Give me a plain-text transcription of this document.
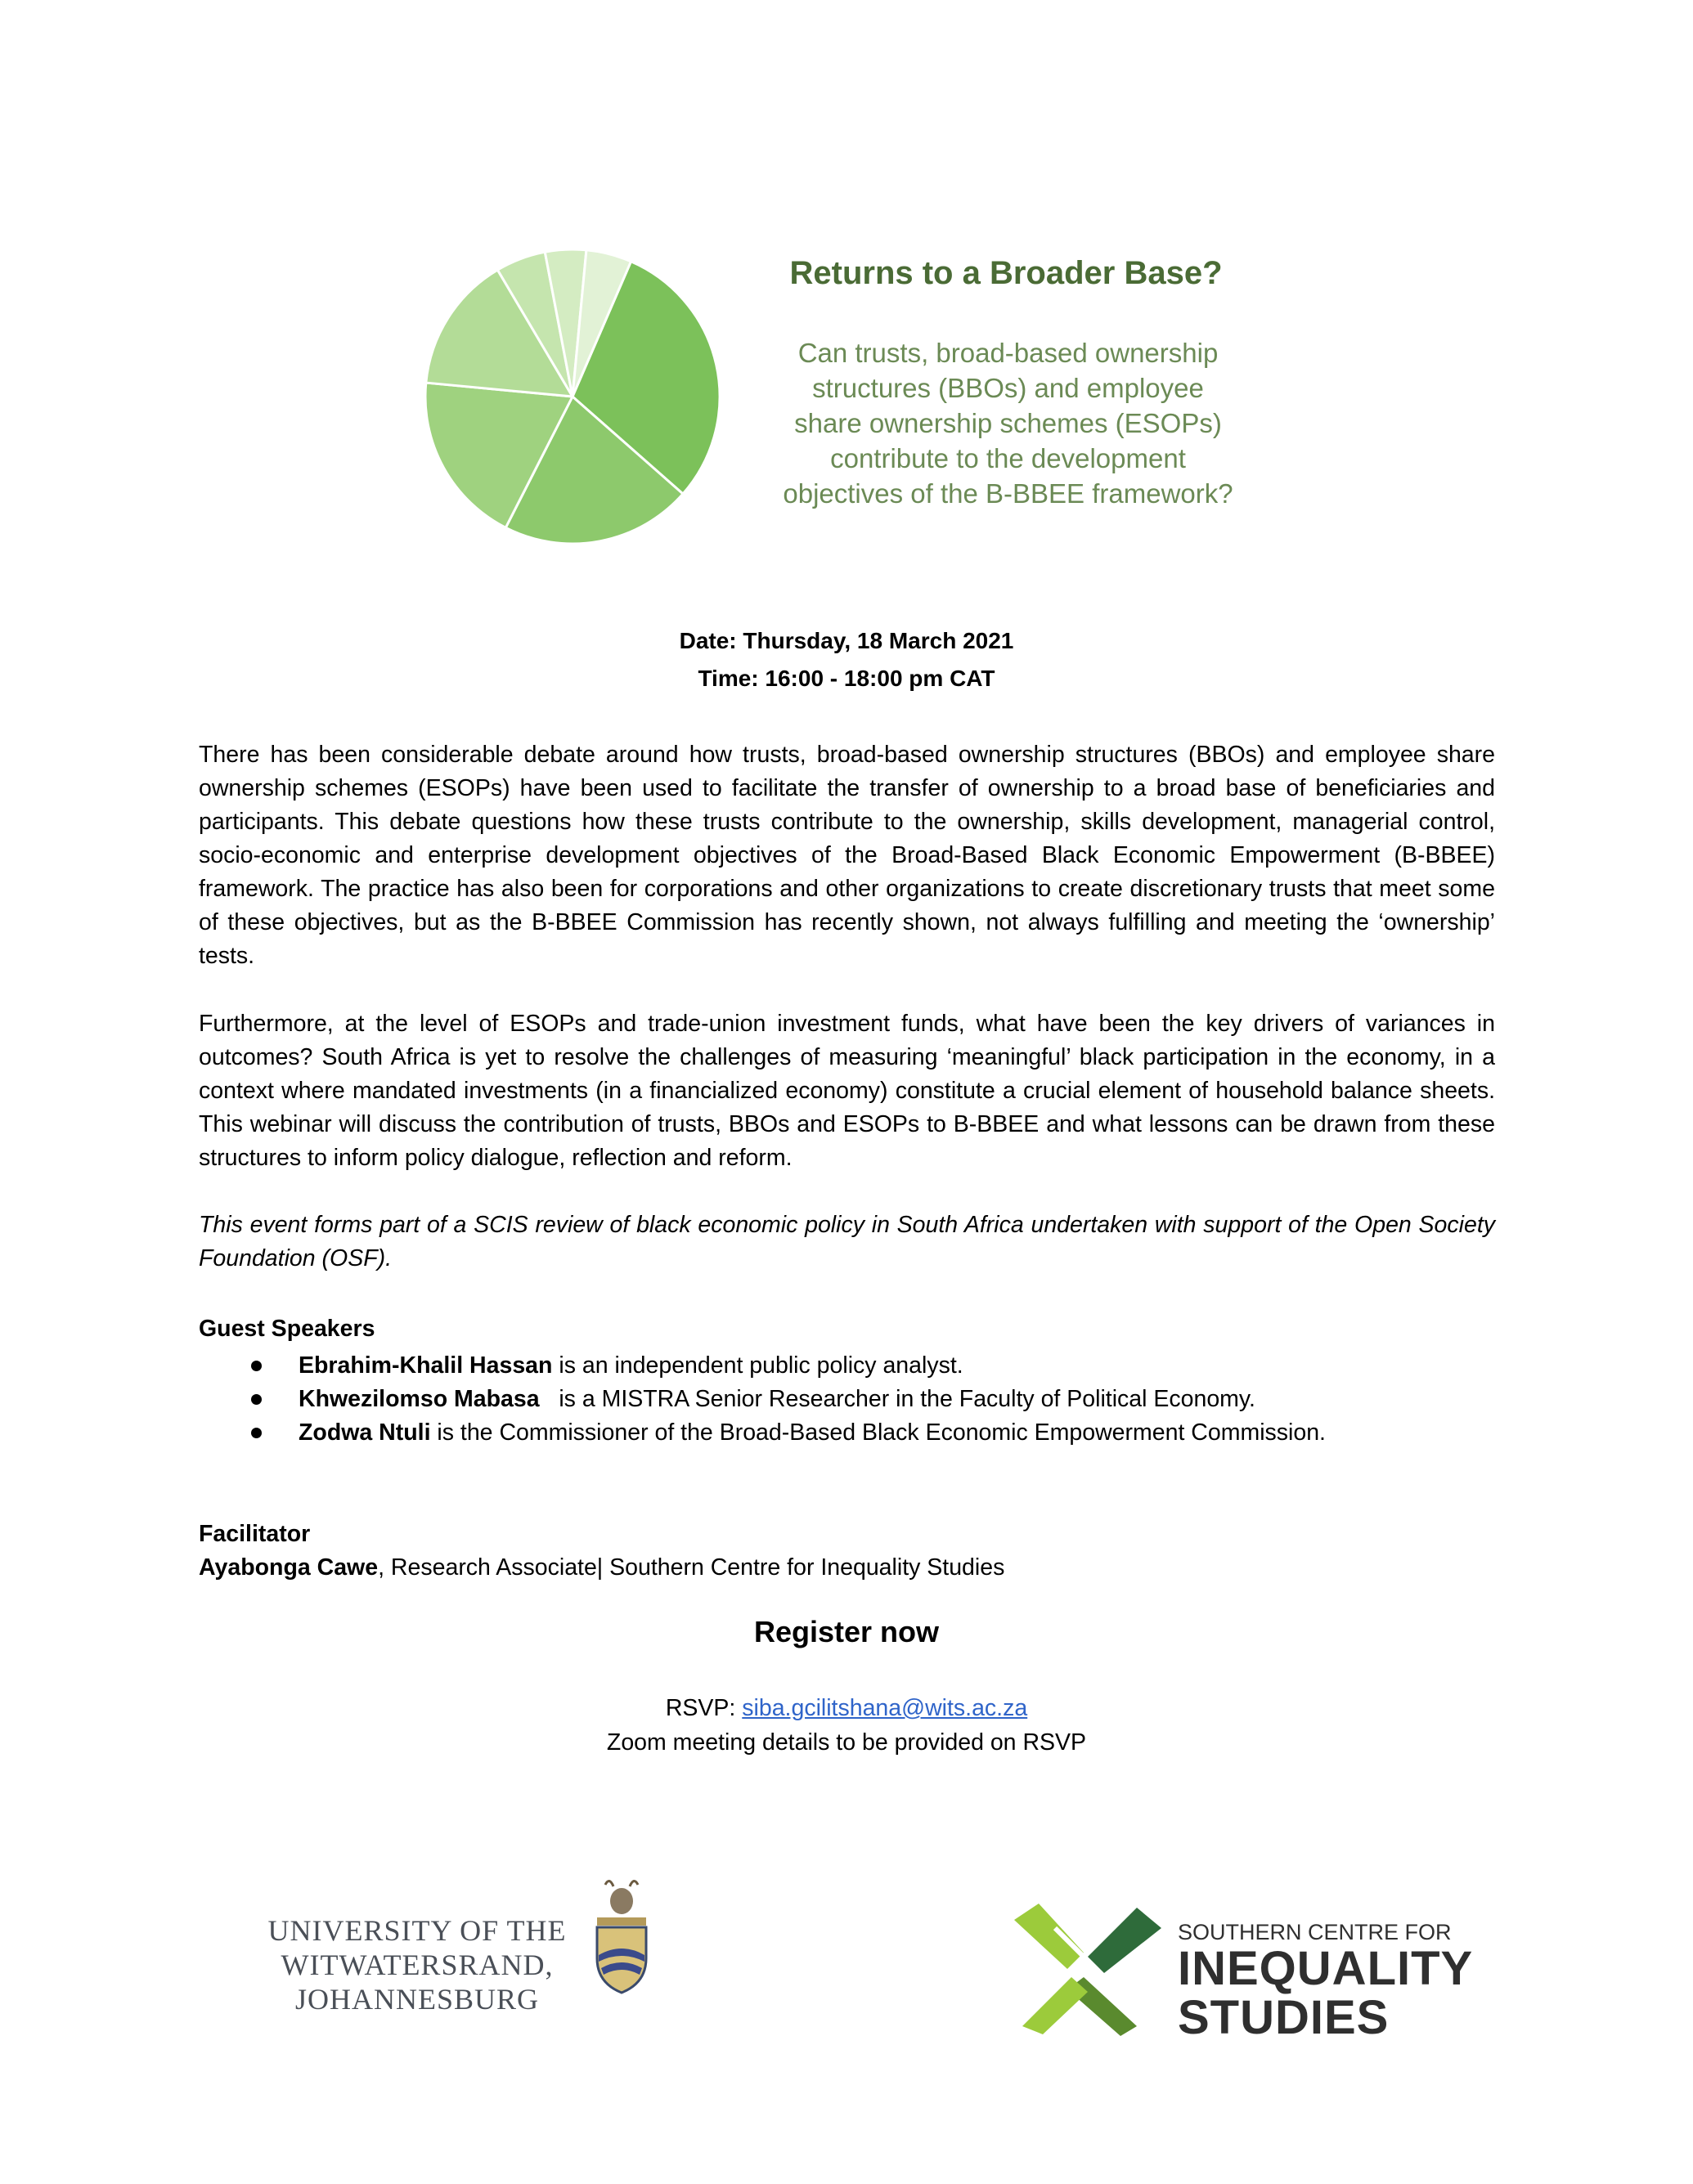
Returns to a Broader Base?
Can trusts, broad-based ownership
structures (BBOs) and employee
share ownership schemes (ESOPs)
contribute to the development
objectives of the B-BBEE framework?
Date: Thursday, 18 March 2021
Time: 16:00 - 18:00 pm CAT

There has been considerable debate around how trusts, broad-based ownership structures (BBOs) and employee share ownership schemes (ESOPs) have been used to facilitate the transfer of ownership to a broad base of beneficiaries and participants. This debate questions how these trusts contribute to the ownership, skills development, managerial control, socio-economic and enterprise development objectives of the Broad-Based Black Economic Empowerment (B-BBEE) framework. The practice has also been for corporations and other organizations to create discretionary trusts that meet some of these objectives, but as the B-BBEE Commission has recently shown, not always fulfilling and meeting the ‘ownership’ tests.

Furthermore, at the level of ESOPs and trade-union investment funds, what have been the key drivers of variances in outcomes? South Africa is yet to resolve the challenges of measuring ‘meaningful’ black participation in the economy, in a context where mandated investments (in a financialized economy) constitute a crucial element of household balance sheets. This webinar will discuss the contribution of trusts, BBOs and ESOPs to B-BBEE and what lessons can be drawn from these structures to inform policy dialogue, reflection and reform.

This event forms part of a SCIS review of black economic policy in South Africa undertaken with support of the Open Society Foundation (OSF).

Guest Speakers
Ebrahim-Khalil Hassan is an independent public policy analyst.
Khwezilomso Mabasa   is a MISTRA Senior Researcher in the Faculty of Political Economy.
Zodwa Ntuli is the Commissioner of the Broad-Based Black Economic Empowerment Commission.
Facilitator
Ayabonga Cawe, Research Associate| Southern Centre for Inequality Studies
Register now
RSVP: siba.gcilitshana@wits.ac.za
Zoom meeting details to be provided on RSVP
UNIVERSITY OF THE
WITWATERSRAND,
JOHANNESBURG
SOUTHERN CENTRE FOR
INEQUALITY
STUDIES
